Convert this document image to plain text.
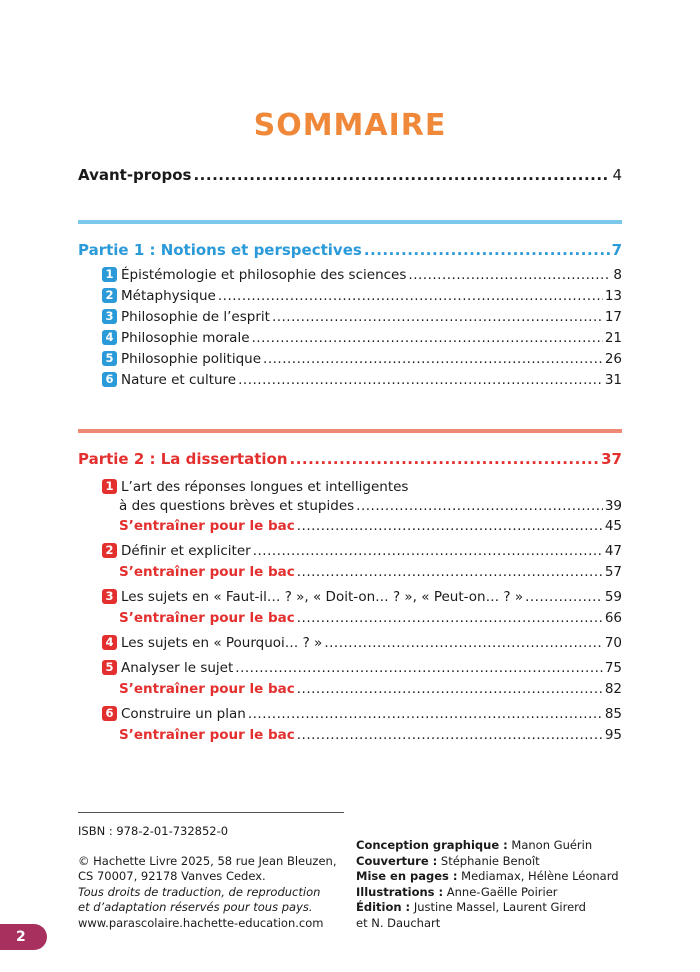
SOMMAIRE
Avant-propos .....	4
Partie 1 : Notions et perspectives .....	7
1 Épistémologie et philosophie des sciences .....	8
2 Métaphysique .....	13
3 Philosophie de l’esprit .....	17
4 Philosophie morale .....	21
5 Philosophie politique .....	26
6 Nature et culture .....	31
Partie 2 : La dissertation .....	37
1 L’art des réponses longues et intelligentes
à des questions brèves et stupides .....	39
S’entraîner pour le bac .....	45
2 Définir et expliciter .....	47
S’entraîner pour le bac .....	57
3 Les sujets en « Faut-il… ? », « Doit-on… ? », « Peut-on… ? » .....	59
S’entraîner pour le bac .....	66
4 Les sujets en « Pourquoi… ? » .....	70
5 Analyser le sujet .....	75
S’entraîner pour le bac .....	82
6 Construire un plan .....	85
S’entraîner pour le bac .....	95
ISBN : 978-2-01-732852-0
© Hachette Livre 2025, 58 rue Jean Bleuzen,
CS 70007, 92178 Vanves Cedex.
Tous droits de traduction, de reproduction
et d’adaptation réservés pour tous pays.
www.parascolaire.hachette-education.com
Conception graphique : Manon Guérin
Couverture : Stéphanie Benoît
Mise en pages : Mediamax, Hélène Léonard
Illustrations : Anne-Gaëlle Poirier
Édition : Justine Massel, Laurent Girerd
et N. Dauchart
2
